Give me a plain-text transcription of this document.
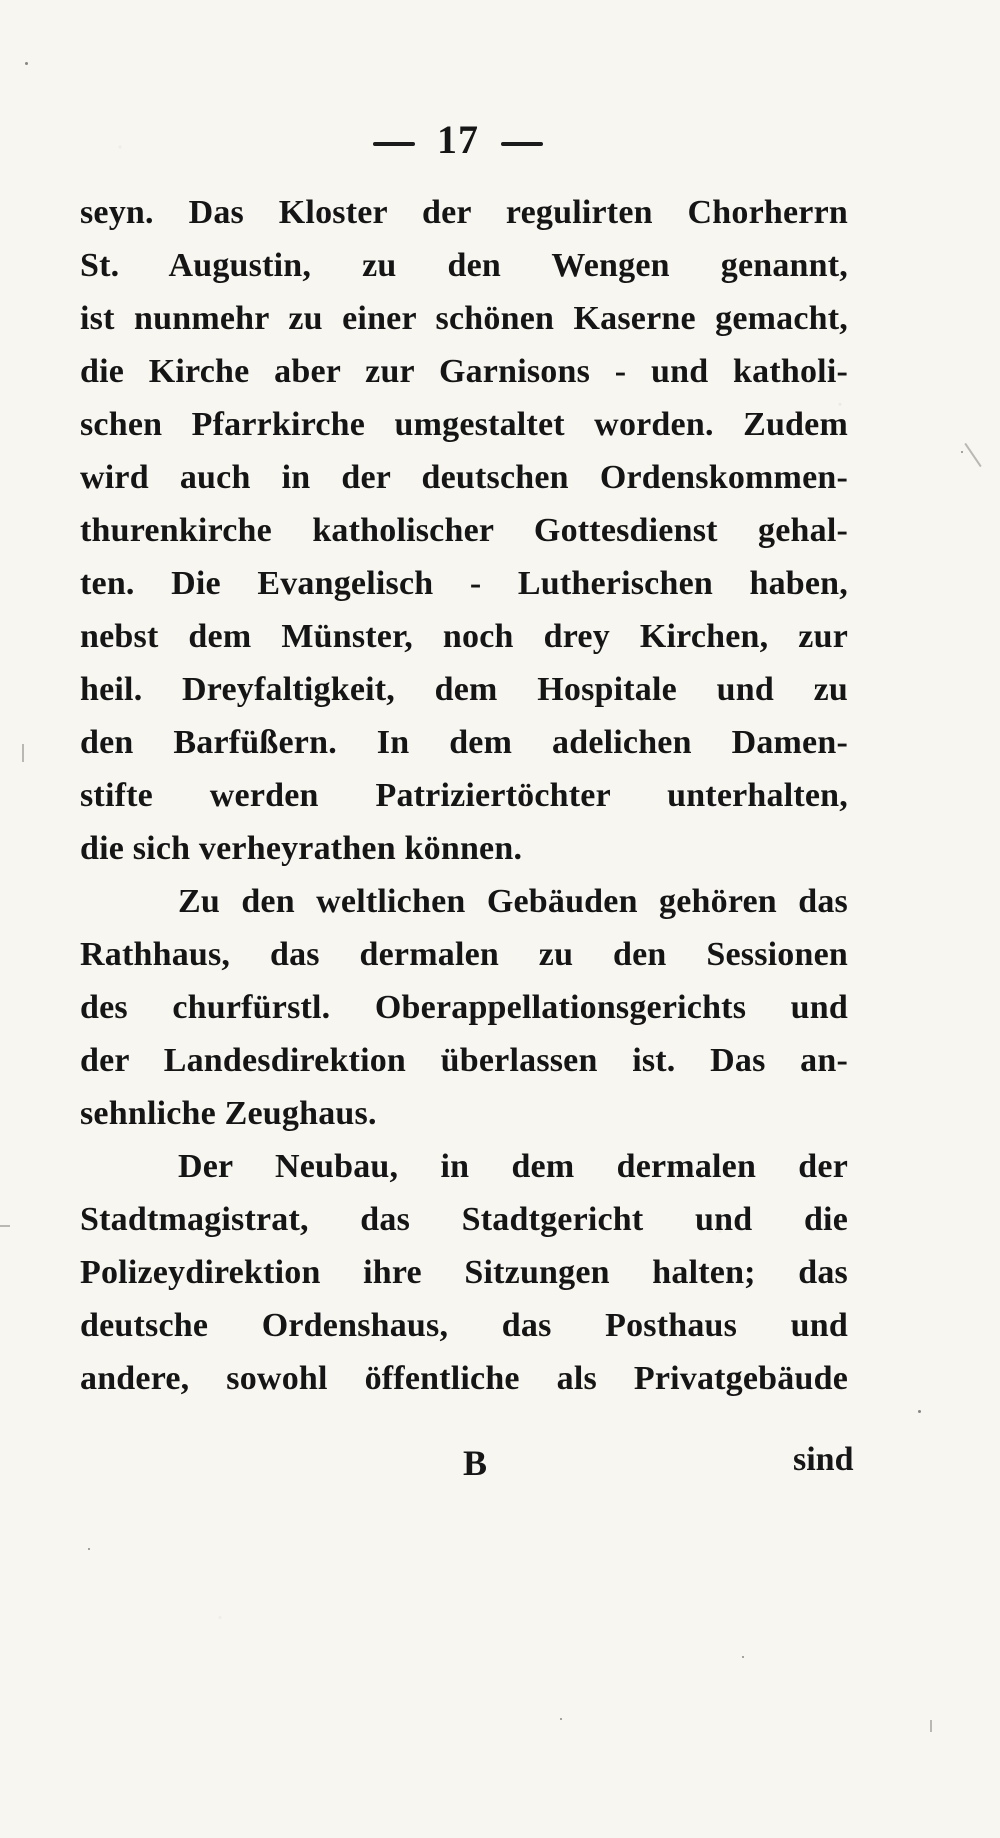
17
seyn. Das Kloster der regulirten Chorherrn
St. Augustin, zu den Wengen genannt,
ist nunmehr zu einer schönen Kaserne gemacht,
die Kirche aber zur Garnisons - und katholi-
schen Pfarrkirche umgestaltet worden. Zudem
wird auch in der deutschen Ordenskommen-
thurenkirche katholischer Gottesdienst gehal-
ten. Die Evangelisch - Lutherischen haben,
nebst dem Münster, noch drey Kirchen, zur
heil. Dreyfaltigkeit, dem Hospitale und zu
den Barfüßern. In dem adelichen Damen-
stifte werden Patriziertöchter unterhalten,
die sich verheyrathen können.
Zu den weltlichen Gebäuden gehören das
Rathhaus, das dermalen zu den Sessionen
des churfürstl. Oberappellationsgerichts und
der Landesdirektion überlassen ist. Das an-
sehnliche Zeughaus.
Der Neubau, in dem dermalen der
Stadtmagistrat, das Stadtgericht und die
Polizeydirektion ihre Sitzungen halten; das
deutsche Ordenshaus, das Posthaus und
andere, sowohl öffentliche als Privatgebäude
B	sind
